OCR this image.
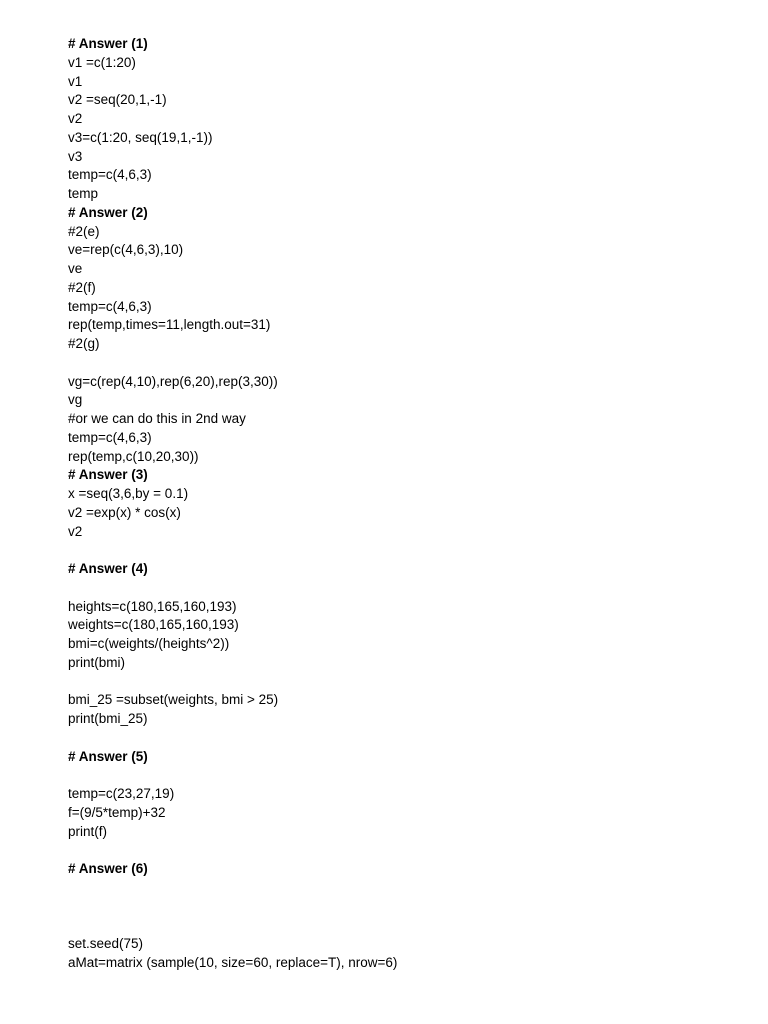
# Answer (1)
v1 =c(1:20)
v1
v2 =seq(20,1,-1)
v2
v3=c(1:20, seq(19,1,-1))
v3
temp=c(4,6,3)
temp
# Answer (2)
#2(e)
ve=rep(c(4,6,3),10)
ve
#2(f)
temp=c(4,6,3)
rep(temp,times=11,length.out=31)
#2(g)
vg=c(rep(4,10),rep(6,20),rep(3,30))
vg
#or we can do this in 2nd way
temp=c(4,6,3)
rep(temp,c(10,20,30))
# Answer (3)
x =seq(3,6,by = 0.1)
v2 =exp(x) * cos(x)
v2
# Answer (4)
heights=c(180,165,160,193)
weights=c(180,165,160,193)
bmi=c(weights/(heights^2))
print(bmi)
bmi_25 =subset(weights, bmi > 25)
print(bmi_25)
# Answer (5)
temp=c(23,27,19)
f=(9/5*temp)+32
print(f)
# Answer (6)
set.seed(75)
aMat=matrix (sample(10, size=60, replace=T), nrow=6)
